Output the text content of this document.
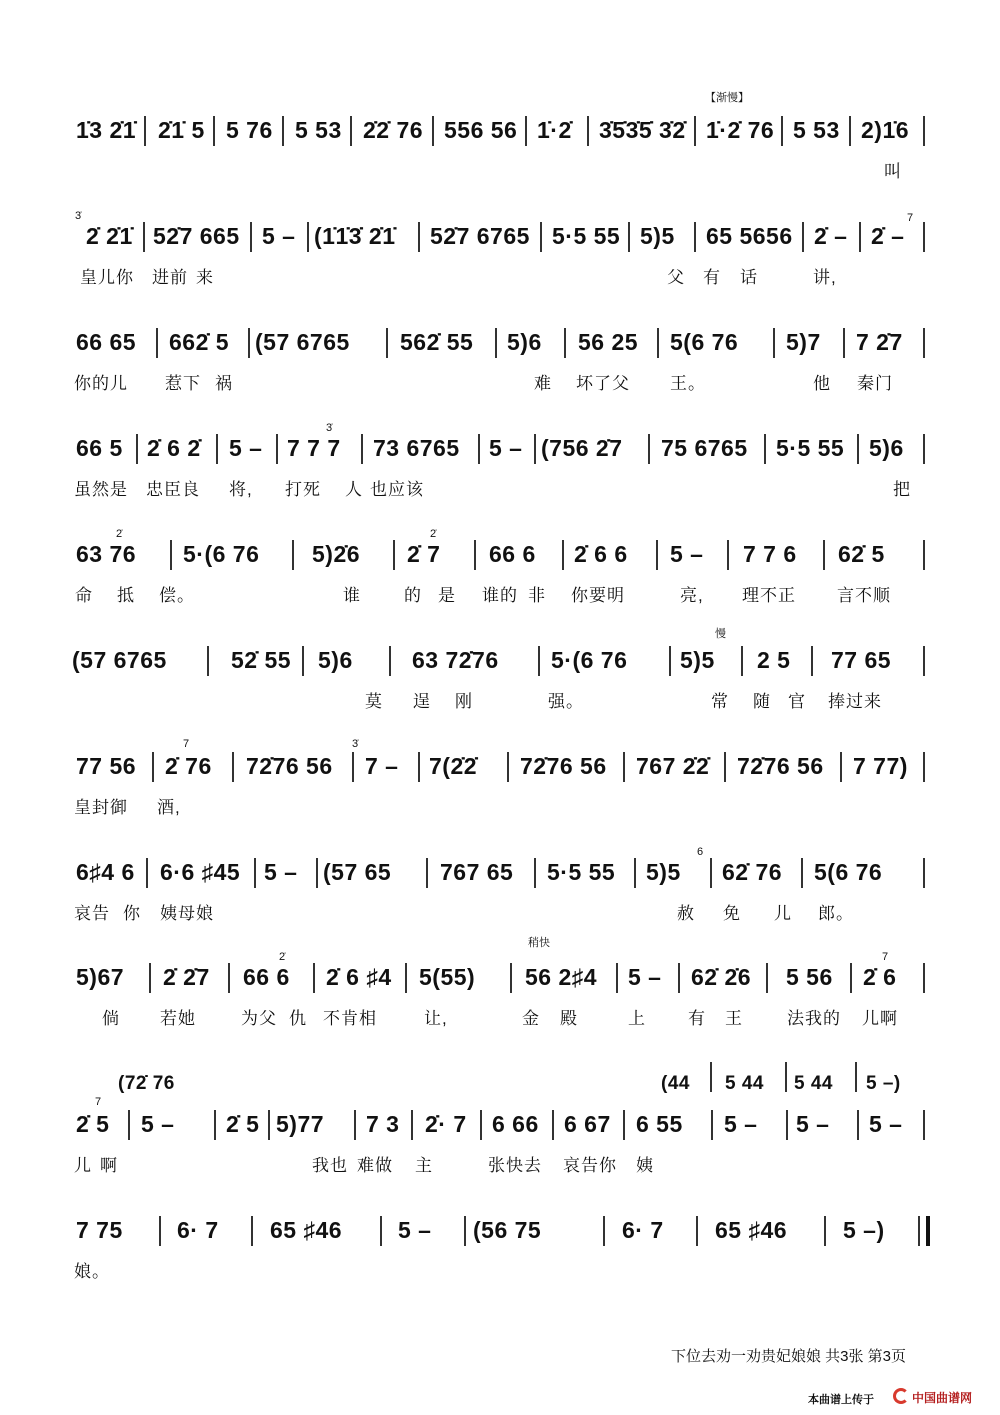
1̇3 2̇1̇ 2̇1̇ 5 5 76 5 53 2̇2̇ 76 556 56 1̇·2̇ 3̇5̇3̇5̇ 3̇2̇ 1̇·2̇ 76 5 53 2)1̇6
【渐慢】
叫
2̇ 2̇1̇ 52̇7 665 5 – (1̇1̇3̇ 2̇1̇ 52̇7 6765 5·5 55 5)5 65 5656 2̇ – 2̇ –
3̇	7
皇儿你 进前 来	父 有 话	讲,
66 65 662̇ 5 (57 6765 562̇ 55 5)6 56 25 5(6 76 5)7 7 2̇7
你的儿 惹下 祸	难 坏了父 王。	他 秦门
66 5 2̇ 6 2̇ 5 – 7 7 7 73 6765 5 – (756 2̇7 75 6765 5·5 55 5)6
3̇
虽然是 忠臣良 将, 打死 人 也应该	把
63 76 5·(6 76 5)2̇6 2̇ 7 66 6 2̇ 6 6 5 – 7 7 6 62̇ 5
2̇	2̇
命 抵 偿。	谁	的 是 谁的 非 你要明	亮, 理不正 言不顺
(57 6765	52̇ 55 5)6	63 72̇76 5·(6 76 5)5 2 5 77 65
慢
莫 逞 刚	强。	常 随 官 捧过来
77 56 2̇ 76 72̇76 56 7 – 7(2̇2̇ 72̇76 56 767 2̇2̇ 72̇76 56 7 77)
7	3̇
皇封御 酒,
6♯4 6 6·6 ♯45 5 – (57 65 767 65 5·5 55 5)5 62̇ 76 5(6 76
6
哀告 你 姨母娘	赦 免 儿 郎。
5)67 2̇ 2̇7 66 6 2̇ 6 ♯4 5(55) 56 2♯4 5 – 62̇ 2̇6 5 56 2̇ 6
稍快
2̇	7
倘 若她	为父 仇 不肯相	让,	金 殿	上 有 王	法我的 儿啊
2̇ 5 5 – 2̇ 5 5)77 7 3 2̇· 7 6 66 6 67 6 55 5 – 5 – 5 –
(72̇ 76	(44 5 44 5 44 5 –)
7
儿 啊	我也 难做 主	张快去 哀告你 姨
7 75 6· 7 65 ♯46 5 – (56 75	6· 7 65 ♯46 5 –)
娘。
下位去劝一劝贵妃娘娘 共3张 第3页
本曲谱上传于	中国曲谱网
